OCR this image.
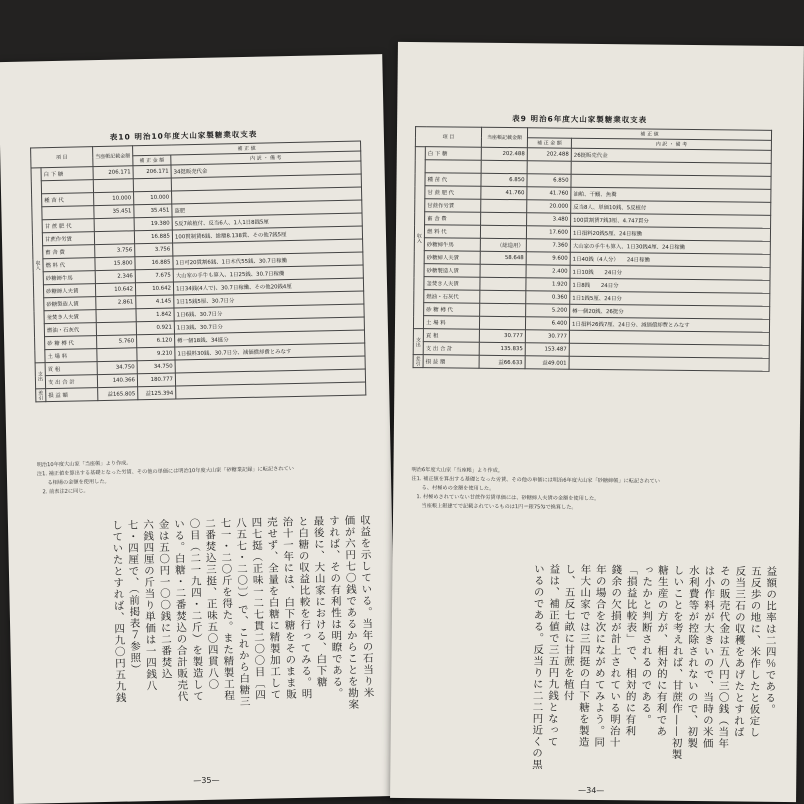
表10 明治10年度大山家製糖業収支表
項 目		当座帳記載金額	補 正 値	
			補 正 金 額	内 訳 ・ 備 考
収入	白 下 糖	206.171	206.171	34挺販売代金

	種 苗 代	10.000	10.000	
		35.451	35.451	盗肥
	甘 蔗 肥 代		19.380	5反7畝植付、反当6人、1人1日8銭5厘
	甘蔗作労賃		16.885	100貫制賃6銭、総額8.138貫、その他7銭5厘
	畜 舎 費	3.756	3.756	
	燃 料 代	15.800	16.885	1日可20貫割6銭、1日木代55銭、30.7日稼働
	砂糖締牛馬	2.346	7.675	大山家の手牛も算入、1日25銭、30.7日稼働
	砂糖締人夫賃	10.642	10.642	1日34銭(4人で)、30.7日稼働、その他20銭4厘
	砂糖製造人賃	2.861	4.145	1日15銭5厘、30.7日分
	釜焚き人夫賃		1.842	1日6銭、30.7日分
	燃油・石灰代		0.921	1日3銭、30.7日分
	砂 糖 樽 代	5.760	6.120	樽一個18銭、34挺分
	土 場 料		9.210	1日損料30銭、30.7日分、減価償却費とみなす
支出	貢 租	34.750	34.750	
	支 出 合 計	140.366	180.777	
差引	損 益 額	益165.805	益125.394	
明治10年度大山家「当座帳」より作成。
注1. 補正値を算出する基礎となった労賃、その他の単価には明治10年度大山家「砂糖業記録」に転記されてい
　　る相場の金額を使用した。
　2. 前表注2に同じ。
収益を示している。当年の石当り米
価が六円七〇銭であるからことを勘案
すれば、その有利性は明瞭である。
最後に、大山家における、白下糖
と白糖の収益比較を行ってみる。明
治十一年には、白下糖をそのまま販
売せず、全量を白糖に精製加工して
四七挺（正味一二七貫二〇〇目〔四
八五七・二〇〕）で、これから白糖三
七一・二〇斤を得た。また精製工程
二番焚込三挺、正味五〇四貫八〇
〇目（二一九四・二斤）を製造して
いる。白糖・二番焚込の合計販売代
金は五〇円一〇〇銭に二番焚込
六銭四厘の斤当り単価は一四銭八
七・四厘で、（前掲表７参照）
していたとすれば、四九〇円五九銭
—35—
表9 明治6年度大山家製糖業収支表
項 目		当座帳記載金額	補 正 値	
			補 正 金 額	内 訳 ・ 備 考
収入	白 下 糖	202.488	202.488	26挺販売代金

	種 苗 代	6.850	6.850	
	甘 蔗 肥 代	41.760	41.760	油粕、干鰯、魚糞
	甘蔗作労賃		20.000	反当8人、単価10銭、5反植付
	畜 舎 費		3.480	100貫割賃7銭3厘、4.747貫分
	燃 料 代		17.600	1日損料20銭5厘、24日稼働
	砂糖締牛馬	（総造用）	7.360	大山家の手牛も算入、1日30銭4厘、24日稼働
	砂糖締人夫賃	58.648	9.600	1日40銭（4人分）　　24日稼働
	砂糖製造人賃		2.400	1日10銭　　24日分
	釜焚き人夫賃		1.920	1日8銭　　24日分
	燃油・石灰代		0.360	1日1銭5厘、24日分
	砂 糖 樽 代		5.200	樽一個20銭、26挺分
	土 場 料		6.400	1日損料26銭7厘、24日分、減価償却費とみなす
支出	貢 租	30.777	30.777	
	支 出 合 計	135.835	153.487	
差引	損 益 額	益66.633	益49.001	
明治6年度大山家「当座帳」より作成。
注1. 補正値を算出する基礎となった労賃、その他の単価には明治6年度大山家「砂糖締帳」に転記されてい
　　る、村極めの金額を使用した。
　1. 村極めされていない甘蔗作労賃単価には、砂糖締人夫賃の金額を使用した。
　　当座帳上銀建てで記載されているものは1円＝銀75匁で換算した。
益額の比率は二四％である。
五反歩の地に、米作したと仮定し
反当三石の収穫をあげたとすれば
その販売代金は五八円三〇銭（当年
は小作料が大きいので、当時の米価
水利費等が控除されないので、初製
しいことを考えれば、甘蔗作——初製
糖生産の方が、相対的に有利であ
ったかと判断されるのである。
「損益比較表」で、相対的に有利
錢余の欠損が計上されている明治十
年の場合を次にながめてみよう。同
年大山家では三四挺の白下糖を製造
し、五反七畝に甘蔗を植付
益は、補正値で三五円九銭となって
いるのである。反当りに二二円近くの黒
—34—
